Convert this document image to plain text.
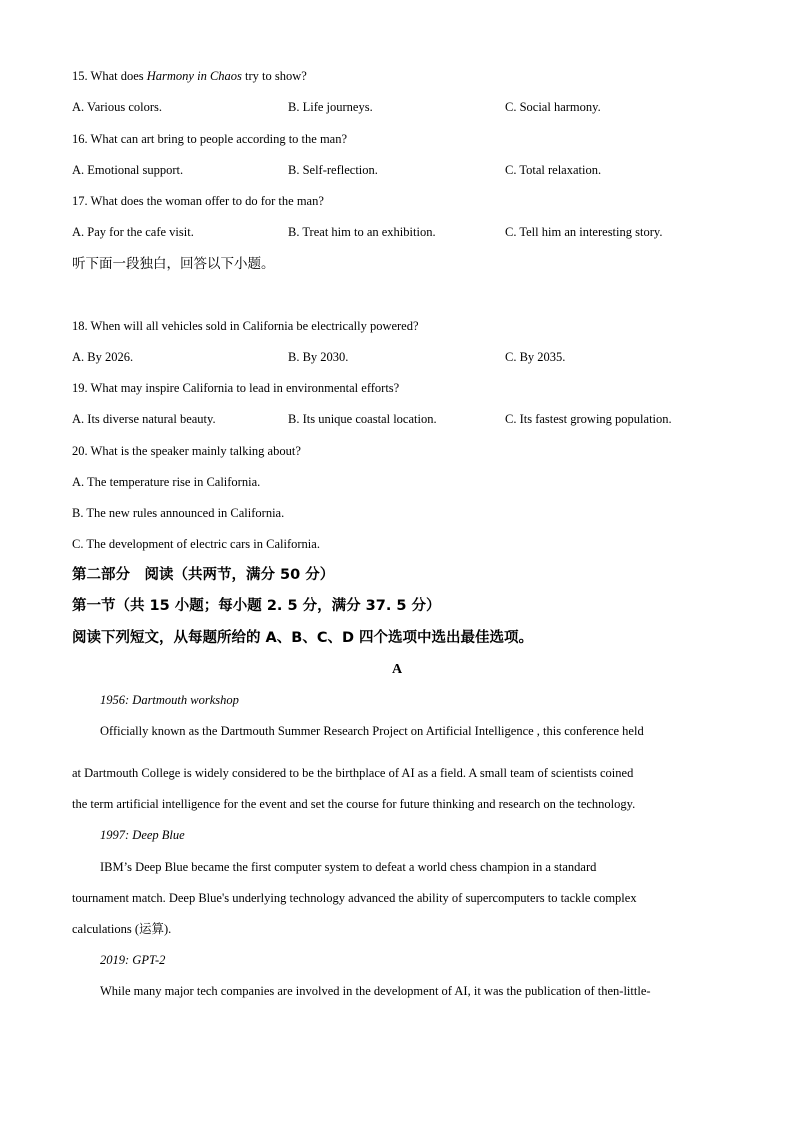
15. What does Harmony in Chaos try to show?
A. Various colors.	B. Life journeys.	C. Social harmony.
16. What can art bring to people according to the man?
A. Emotional support.	B. Self-reflection.	C. Total relaxation.
17. What does the woman offer to do for the man?
A. Pay for the cafe visit.	B. Treat him to an exhibition.	C. Tell him an interesting story.
听下面一段独白，回答以下小题。
18. When will all vehicles sold in California be electrically powered?
A. By 2026.	B. By 2030.	C. By 2035.
19. What may inspire California to lead in environmental efforts?
A. Its diverse natural beauty.	B. Its unique coastal location.	C. Its fastest growing population.
20. What is the speaker mainly talking about?
A. The temperature rise in California.
B. The new rules announced in California.
C. The development of electric cars in California.
第二部分　阅读（共两节，满分 50 分）
第一节（共 15 小题；每小题 2. 5 分，满分 37. 5 分）
阅读下列短文，从每题所给的 A、B、C、D 四个选项中选出最佳选项。
A
1956: Dartmouth workshop
Officially known as the Dartmouth Summer Research Project on Artificial Intelligence , this conference held
at Dartmouth College is widely considered to be the birthplace of AI as a field. A small team of scientists coined
the term artificial intelligence for the event and set the course for future thinking and research on the technology.
1997: Deep Blue
IBM’s Deep Blue became the first computer system to defeat a world chess champion in a standard
tournament match. Deep Blue's underlying technology advanced the ability of supercomputers to tackle complex
calculations (运算).
2019: GPT-2
While many major tech companies are involved in the development of AI, it was the publication of then-little-
